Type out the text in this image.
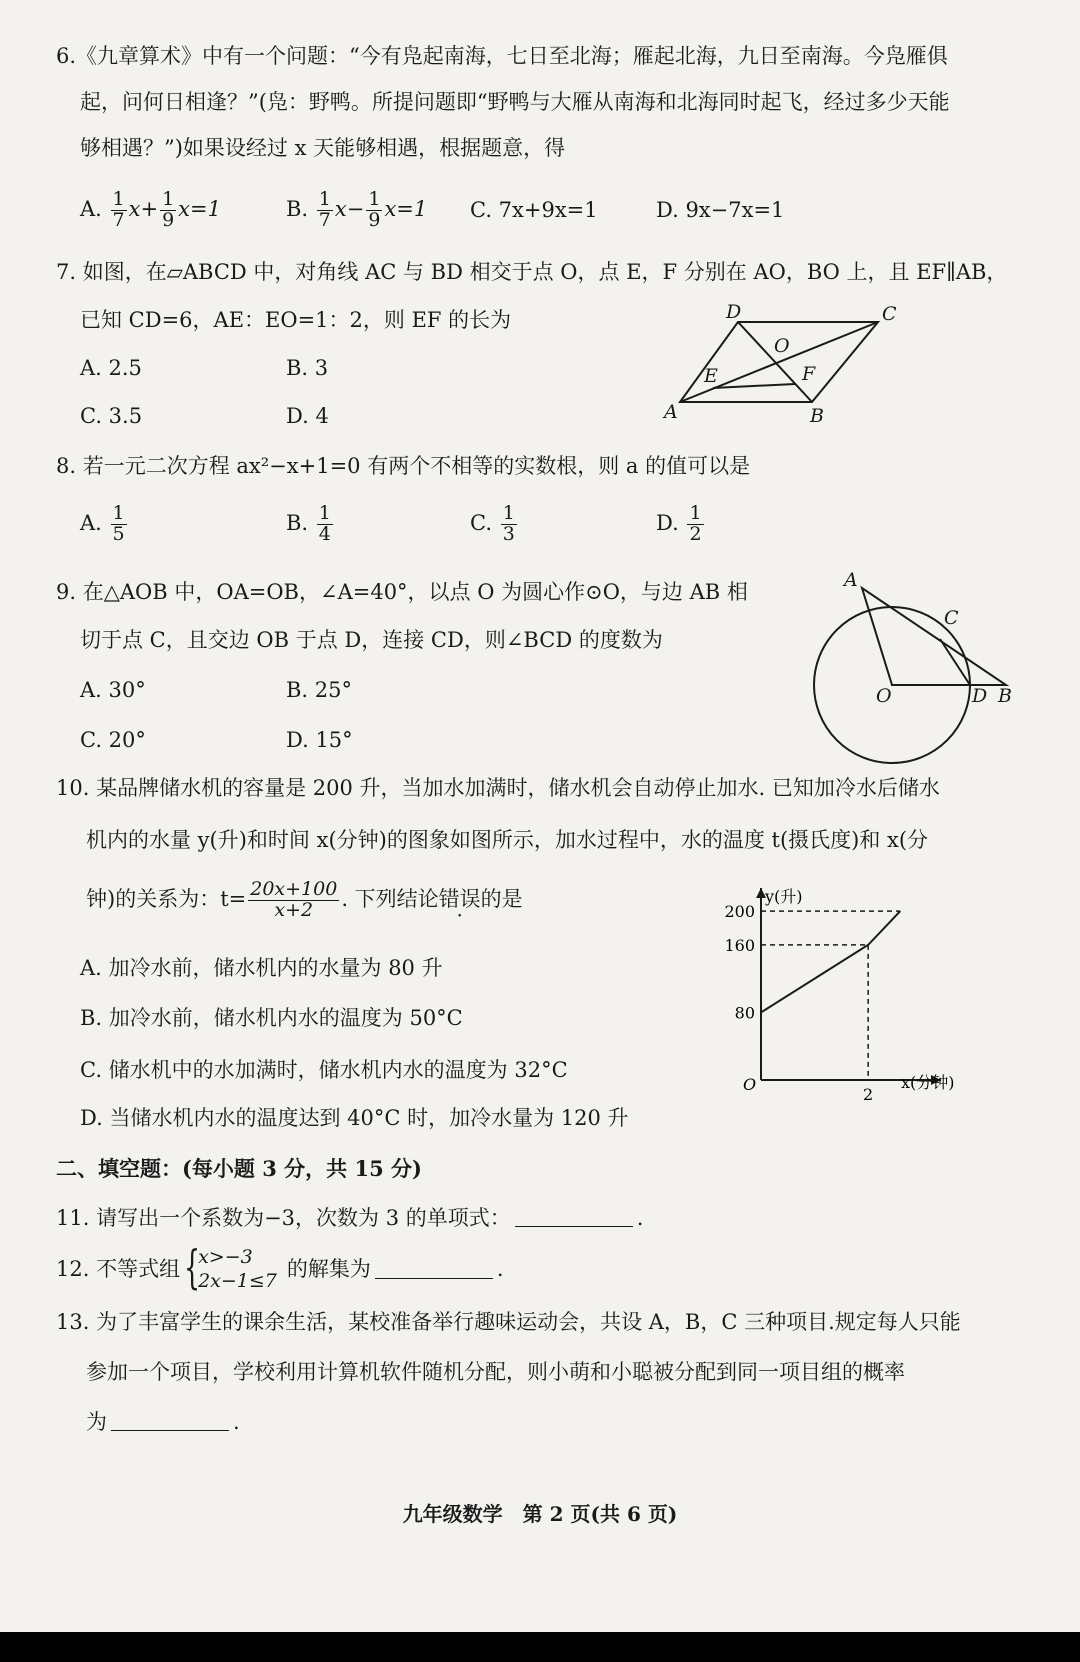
6.《九章算术》中有一个问题：“今有凫起南海，七日至北海；雁起北海，九日至南海。今凫雁俱
起，问何日相逢？”(凫：野鸭。所提问题即“野鸭与大雁从南海和北海同时起飞，经过多少天能
够相遇？”)如果设经过 x 天能够相遇，根据题意，得
A. $\frac{1}{7} x+ \frac{1}{9} x=1$	B. $\frac{1}{7} x- \frac{1}{9} x=1$ C. 7x+9x=1	D. 9x−7x=1
7. 如图，在▱ABCD 中，对角线 AC 与 BD 相交于点 O，点 E，F 分别在 AO，BO 上，且 EF∥AB，
已知 CD=6，AE：EO=1：2，则 EF 的长为
A. 2.5	B. 3
C. 3.5	D. 4
D	C
O
E	F
A	B
8. 若一元二次方程 ax²−x+1=0 有两个不相等的实数根，则 a 的值可以是
A. $\frac{1}{5}$	B. $\frac{1}{4}$	C. $\frac{1}{3}$	D. $\frac{1}{2}$
9. 在△AOB 中，OA=OB，∠A=40°，以点 O 为圆心作⊙O，与边 AB 相
切于点 C，且交边 OB 于点 D，连接 CD，则∠BCD 的度数为
A. 30°	B. 25°
C. 20°	D. 15°
A
C
O	D B
10. 某品牌储水机的容量是 200 升，当加水加满时，储水机会自动停止加水. 已知加冷水后储水
机内的水量 y(升)和时间 x(分钟)的图象如图所示，加水过程中，水的温度 t(摄氏度)和 x(分
钟)的关系为：$t= \frac{20x+100}{x+2}$ . 下列结论错误的是
A. 加冷水前，储水机内的水量为 80 升
B. 加冷水前，储水机内水的温度为 50°C
C. 储水机中的水加满时，储水机内水的温度为 32°C
D. 当储水机内水的温度达到 40°C 时，加冷水量为 120 升
y(升)
x(分钟)
O
80
160
200
2
二、填空题：(每小题 3 分，共 15 分)
11. 请写出一个系数为−3，次数为 3 的单项式：	.
12. 不等式组 {
x>−3
2x−1≤7 的解集为	.
13. 为了丰富学生的课余生活，某校准备举行趣味运动会，共设 A，B，C 三种项目.规定每人只能
参加一个项目，学校利用计算机软件随机分配，则小萌和小聪被分配到同一项目组的概率
为	.
九年级数学　第 2 页(共 6 页)
